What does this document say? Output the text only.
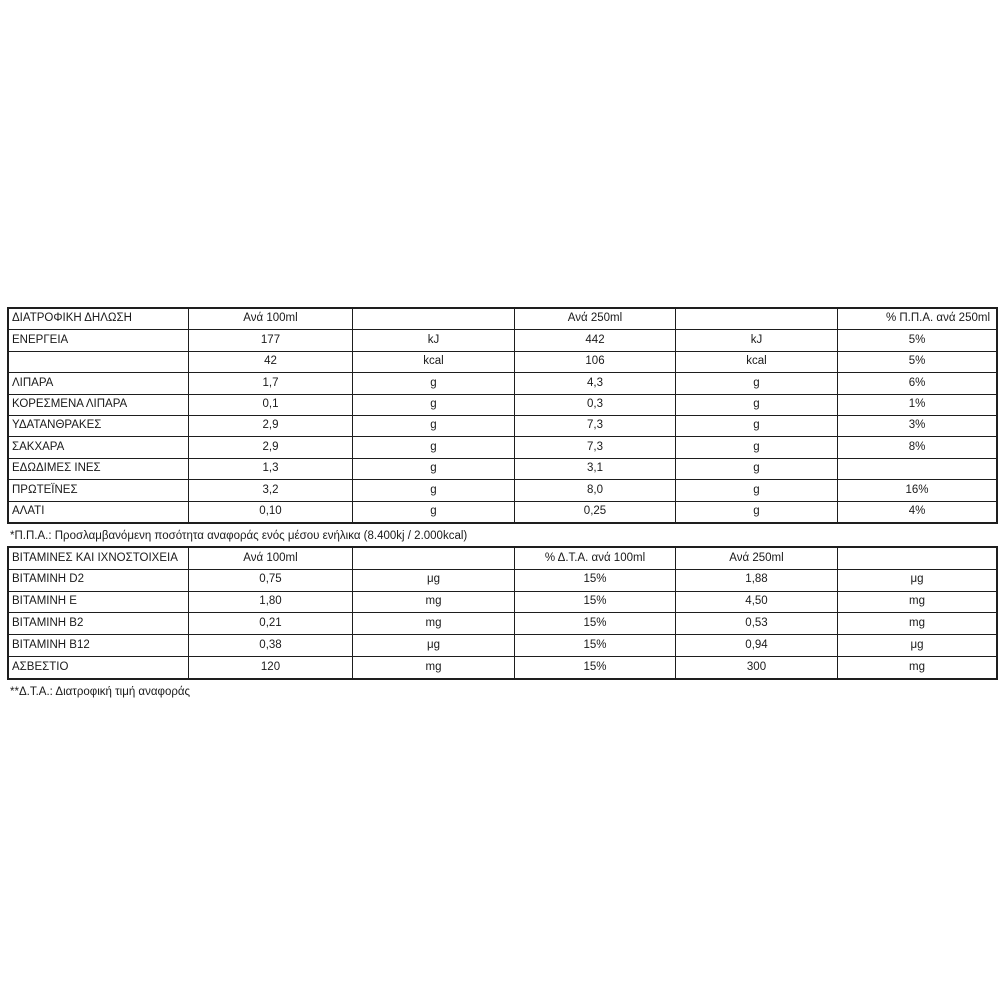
ΔΙΑΤΡΟΦΙΚΗ ΔΗΛΩΣΗ	Ανά 100ml		Ανά 250ml		% Π.Π.Α. ανά 250ml
ΕΝΕΡΓΕΙΑ	177	kJ	442	kJ	5%
	42	kcal	106	kcal	5%
ΛΙΠΑΡΑ	1,7	g	4,3	g	6%
ΚΟΡΕΣΜΕΝΑ ΛΙΠΑΡΑ	0,1	g	0,3	g	1%
ΥΔΑΤΑΝΘΡΑΚΕΣ	2,9	g	7,3	g	3%
ΣΑΚΧΑΡΑ	2,9	g	7,3	g	8%
ΕΔΩΔΙΜΕΣ ΙΝΕΣ	1,3	g	3,1	g	
ΠΡΩΤΕΪΝΕΣ	3,2	g	8,0	g	16%
ΑΛΑΤΙ	0,10	g	0,25	g	4%
*Π.Π.Α.: Προσλαμβανόμενη ποσότητα αναφοράς ενός μέσου ενήλικα (8.400kj / 2.000kcal)
ΒΙΤΑΜΙΝΕΣ ΚΑΙ ΙΧΝΟΣΤΟΙΧΕΙΑ	Ανά 100ml		% Δ.Τ.Α. ανά 100ml	Ανά 250ml	
ΒΙΤΑΜΙΝΗ D2	0,75	μg	15%	1,88	μg
ΒΙΤΑΜΙΝΗ Ε	1,80	mg	15%	4,50	mg
ΒΙΤΑΜΙΝΗ Β2	0,21	mg	15%	0,53	mg
ΒΙΤΑΜΙΝΗ Β12	0,38	μg	15%	0,94	μg
ΑΣΒΕΣΤΙΟ	120	mg	15%	300	mg
**Δ.Τ.Α.: Διατροφική τιμή αναφοράς
